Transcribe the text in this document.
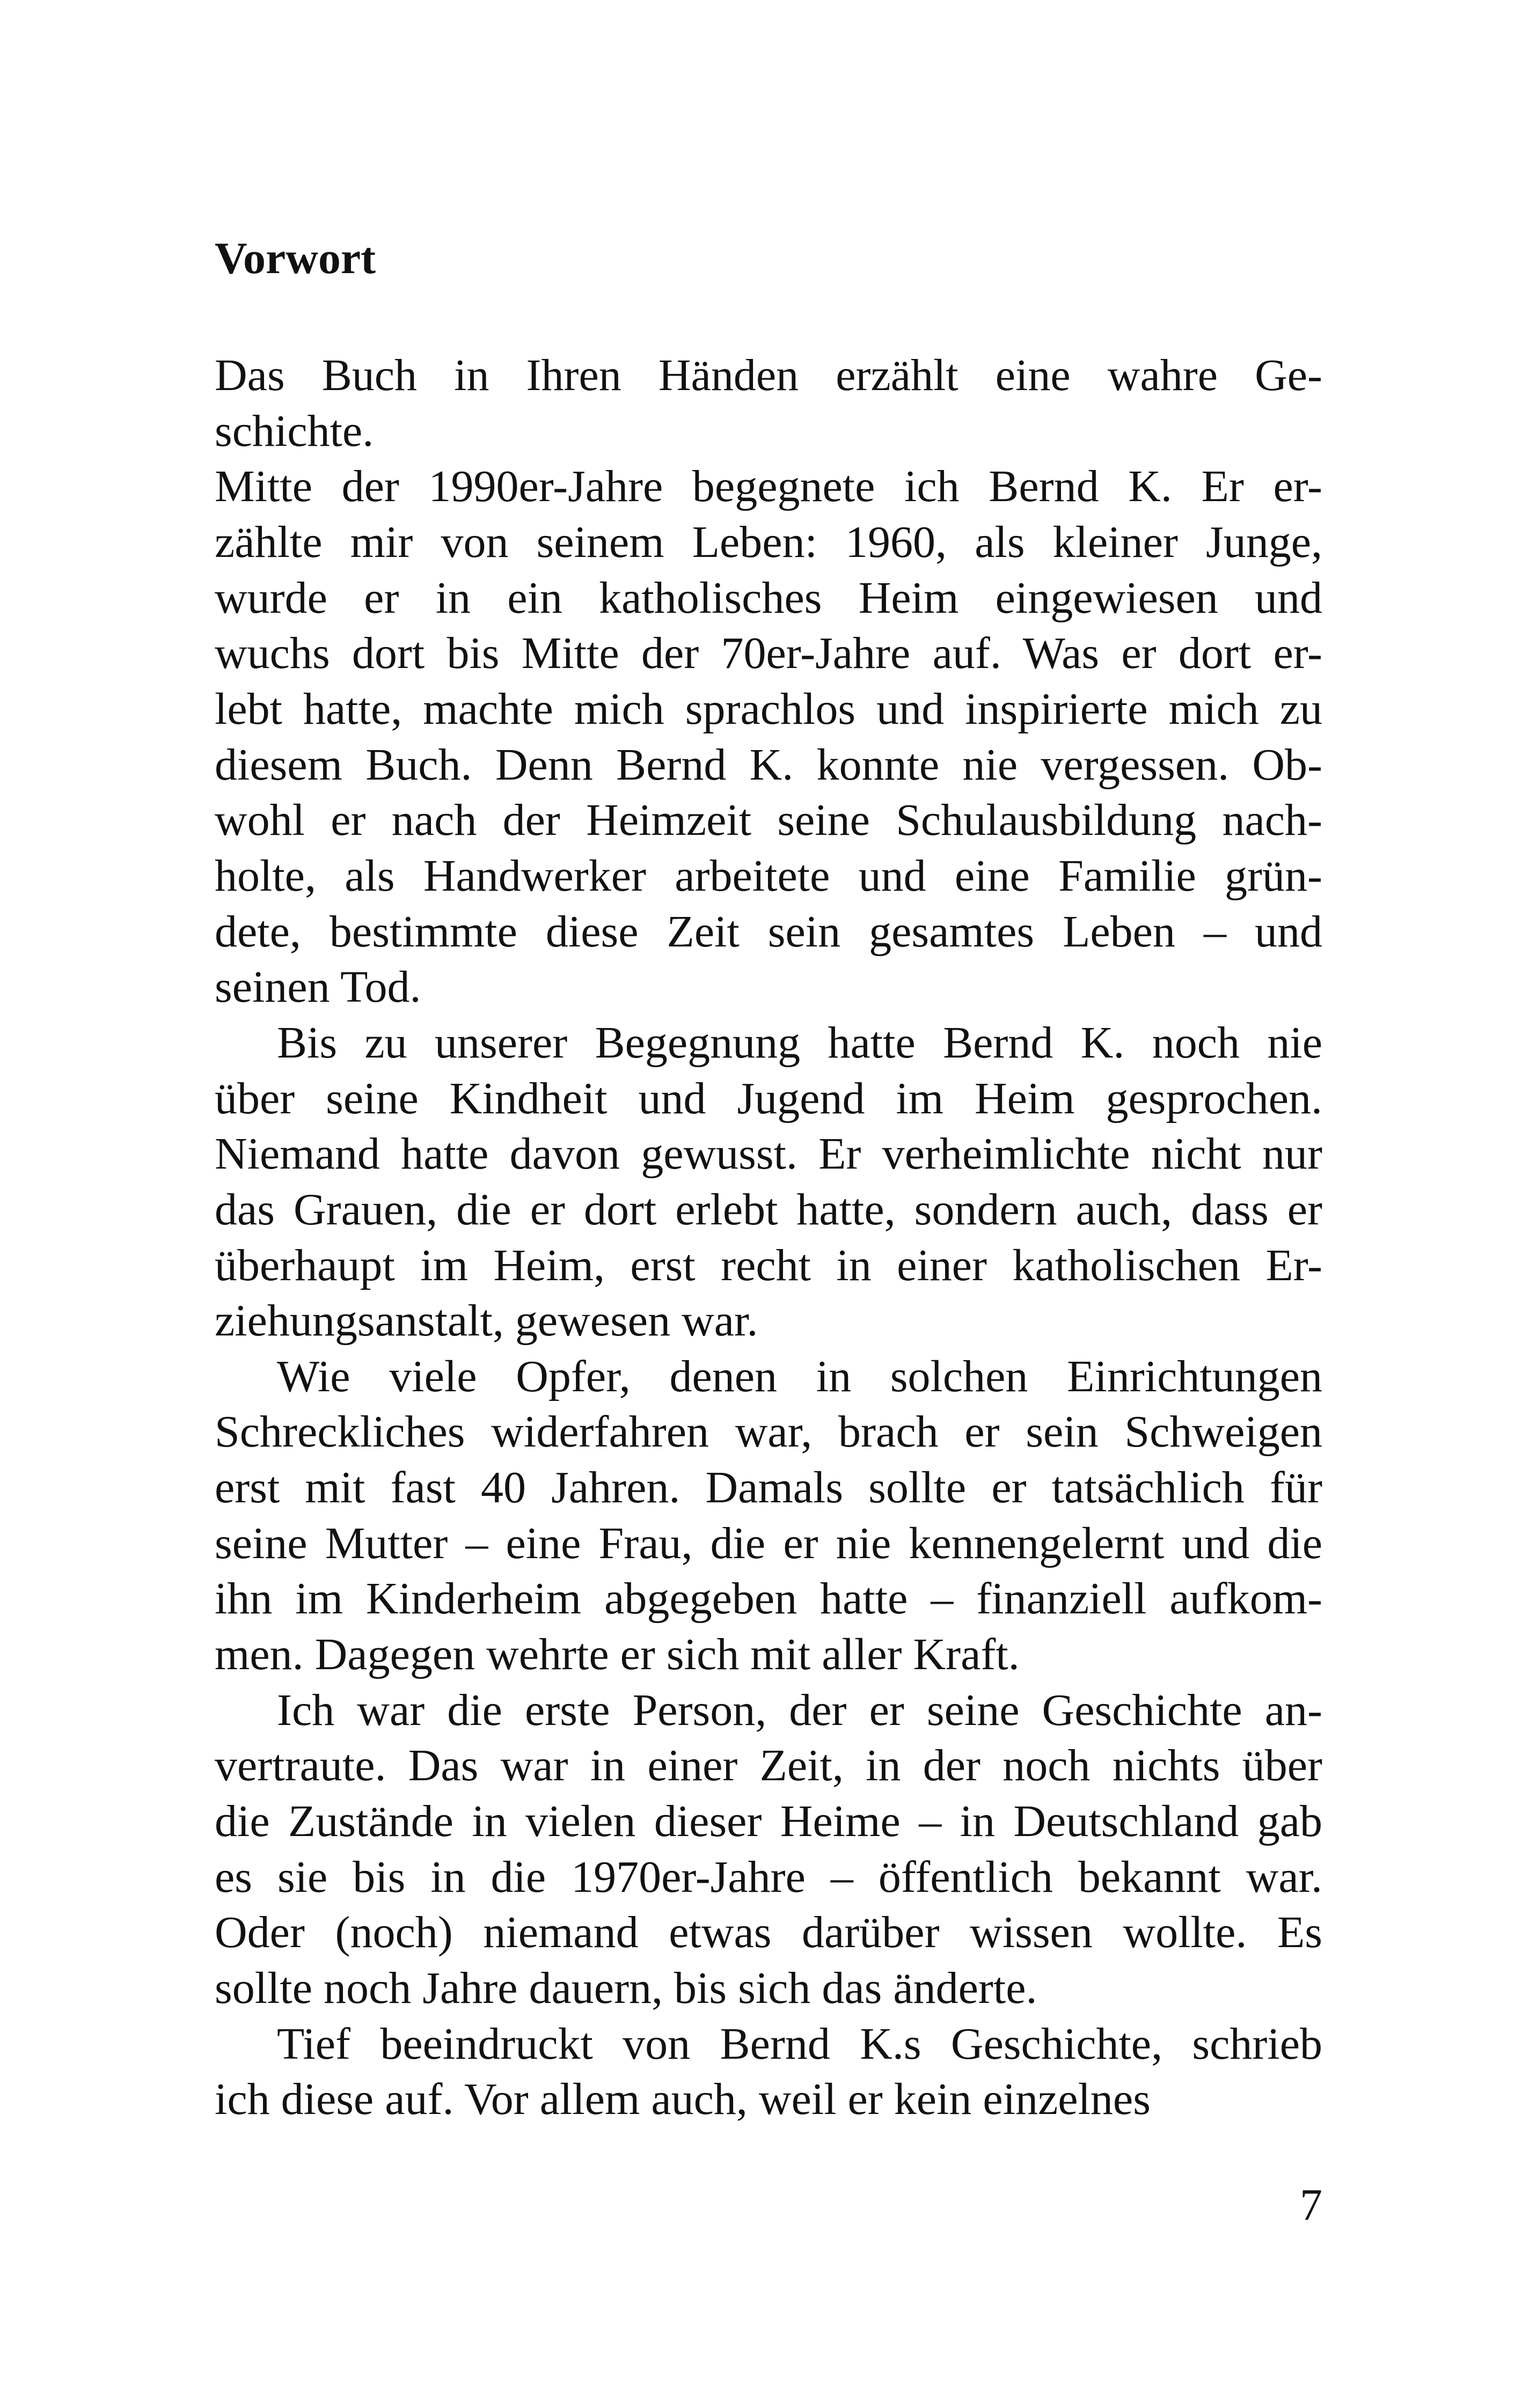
Vorwort
Das Buch in Ihren Händen erzählt eine wahre Ge-
schichte.
Mitte der 1990er-Jahre begegnete ich Bernd K. Er er-
zählte mir von seinem Leben: 1960, als kleiner Junge,
wurde er in ein katholisches Heim eingewiesen und
wuchs dort bis Mitte der 70er-Jahre auf. Was er dort er-
lebt hatte, machte mich sprachlos und inspirierte mich zu
diesem Buch. Denn Bernd K. konnte nie vergessen. Ob-
wohl er nach der Heimzeit seine Schulausbildung nach-
holte, als Handwerker arbeitete und eine Familie grün-
dete, bestimmte diese Zeit sein gesamtes Leben – und
seinen Tod.
Bis zu unserer Begegnung hatte Bernd K. noch nie
über seine Kindheit und Jugend im Heim gesprochen.
Niemand hatte davon gewusst. Er verheimlichte nicht nur
das Grauen, die er dort erlebt hatte, sondern auch, dass er
überhaupt im Heim, erst recht in einer katholischen Er-
ziehungsanstalt, gewesen war.
Wie viele Opfer, denen in solchen Einrichtungen
Schreckliches widerfahren war, brach er sein Schweigen
erst mit fast 40 Jahren. Damals sollte er tatsächlich für
seine Mutter – eine Frau, die er nie kennengelernt und die
ihn im Kinderheim abgegeben hatte – finanziell aufkom-
men. Dagegen wehrte er sich mit aller Kraft.
Ich war die erste Person, der er seine Geschichte an-
vertraute. Das war in einer Zeit, in der noch nichts über
die Zustände in vielen dieser Heime – in Deutschland gab
es sie bis in die 1970er-Jahre – öffentlich bekannt war.
Oder (noch) niemand etwas darüber wissen wollte. Es
sollte noch Jahre dauern, bis sich das änderte.
Tief beeindruckt von Bernd K.s Geschichte, schrieb
ich diese auf. Vor allem auch, weil er kein einzelnes
7
